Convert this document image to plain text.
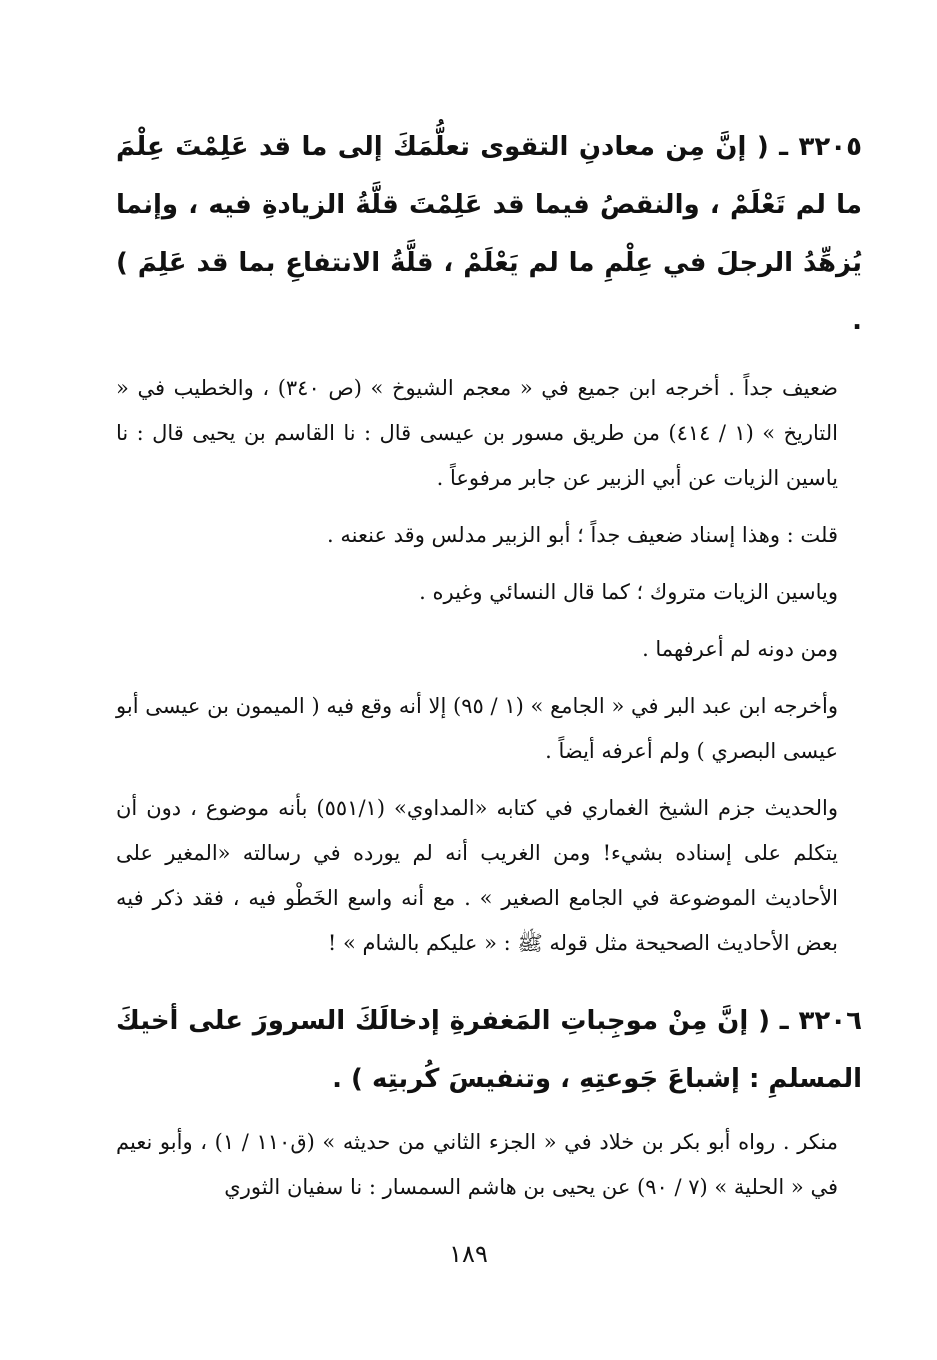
٣٢٠٥ ـ ( إنَّ مِن معادنِ التقوى تعلُّمَكَ إلى ما قد عَلِمْتَ عِلْمَ ما لم تَعْلَمْ ، والنقصُ فيما قد عَلِمْتَ قلَّةُ الزيادةِ فيه ، وإنما يُزهِّدُ الرجلَ في عِلْمِ ما لم يَعْلَمْ ، قلَّةُ الانتفاعِ بما قد عَلِمَ ) .

ضعيف جداً . أخرجه ابن جميع في « معجم الشيوخ » (ص ٣٤٠) ، والخطيب في « التاريخ » (١ / ٤١٤) من طريق مسور بن عيسى قال : نا القاسم بن يحيى قال : نا ياسين الزيات عن أبي الزبير عن جابر مرفوعاً .

قلت : وهذا إسناد ضعيف جداً ؛ أبو الزبير مدلس وقد عنعنه .

وياسين الزيات متروك ؛ كما قال النسائي وغيره .

ومن دونه لم أعرفهما .

وأخرجه ابن عبد البر في « الجامع » (١ / ٩٥) إلا أنه وقع فيه ( الميمون بن عيسى أبو عيسى البصري ) ولم أعرفه أيضاً .

والحديث جزم الشيخ الغماري في كتابه «المداوي» (٥٥١/١) بأنه موضوع ، دون أن يتكلم على إسناده بشيء! ومن الغريب أنه لم يورده في رسالته «المغير على الأحاديث الموضوعة في الجامع الصغير » . مع أنه واسع الخَطْو فيه ، فقد ذكر فيه بعض الأحاديث الصحيحة مثل قوله ﷺ : « عليكم بالشام » !

٣٢٠٦ ـ ( إنَّ مِنْ موجِباتِ المَغفرةِ إدخالَكَ السرورَ على أخيكَ المسلمِ : إشباعَ جَوعتِهِ ، وتنفيسَ كُربتِه ) .

منكر . رواه أبو بكر بن خلاد في « الجزء الثاني من حديثه » (ق١١٠ / ١) ، وأبو نعيم في « الحلية » (٧ / ٩٠) عن يحيى بن هاشم السمسار : نا سفيان الثوري

١٨٩
